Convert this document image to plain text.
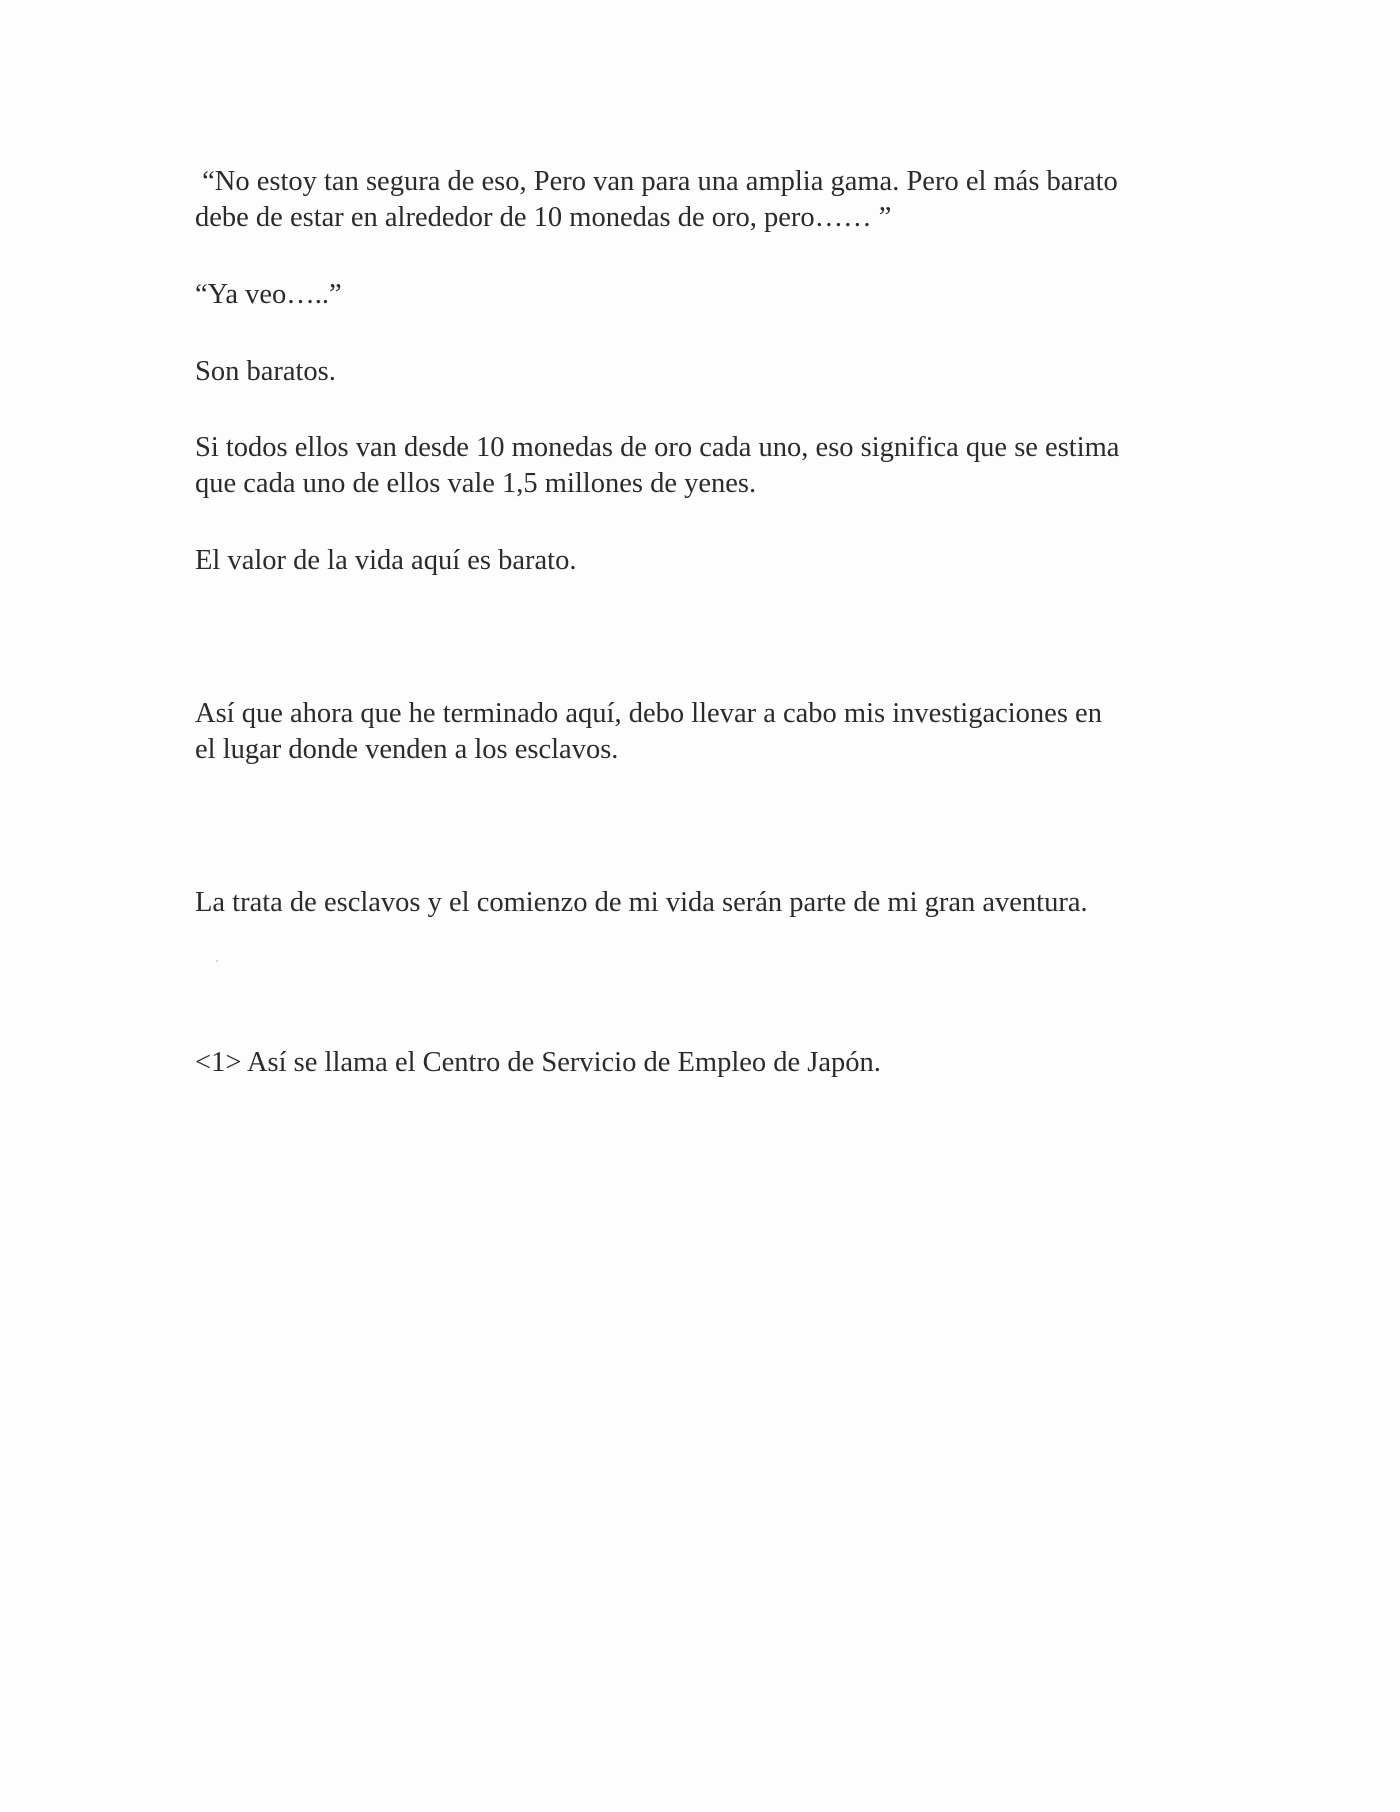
“No estoy tan segura de eso, Pero van para una amplia gama. Pero el más barato
debe de estar en alrededor de 10 monedas de oro, pero…… ”

“Ya veo…..”

Son baratos.

Si todos ellos van desde 10 monedas de oro cada uno, eso significa que se estima
que cada uno de ellos vale 1,5 millones de yenes.

El valor de la vida aquí es barato.

Así que ahora que he terminado aquí, debo llevar a cabo mis investigaciones en
el lugar donde venden a los esclavos.

La trata de esclavos y el comienzo de mi vida serán parte de mi gran aventura.

<1> Así se llama el Centro de Servicio de Empleo de Japón.
